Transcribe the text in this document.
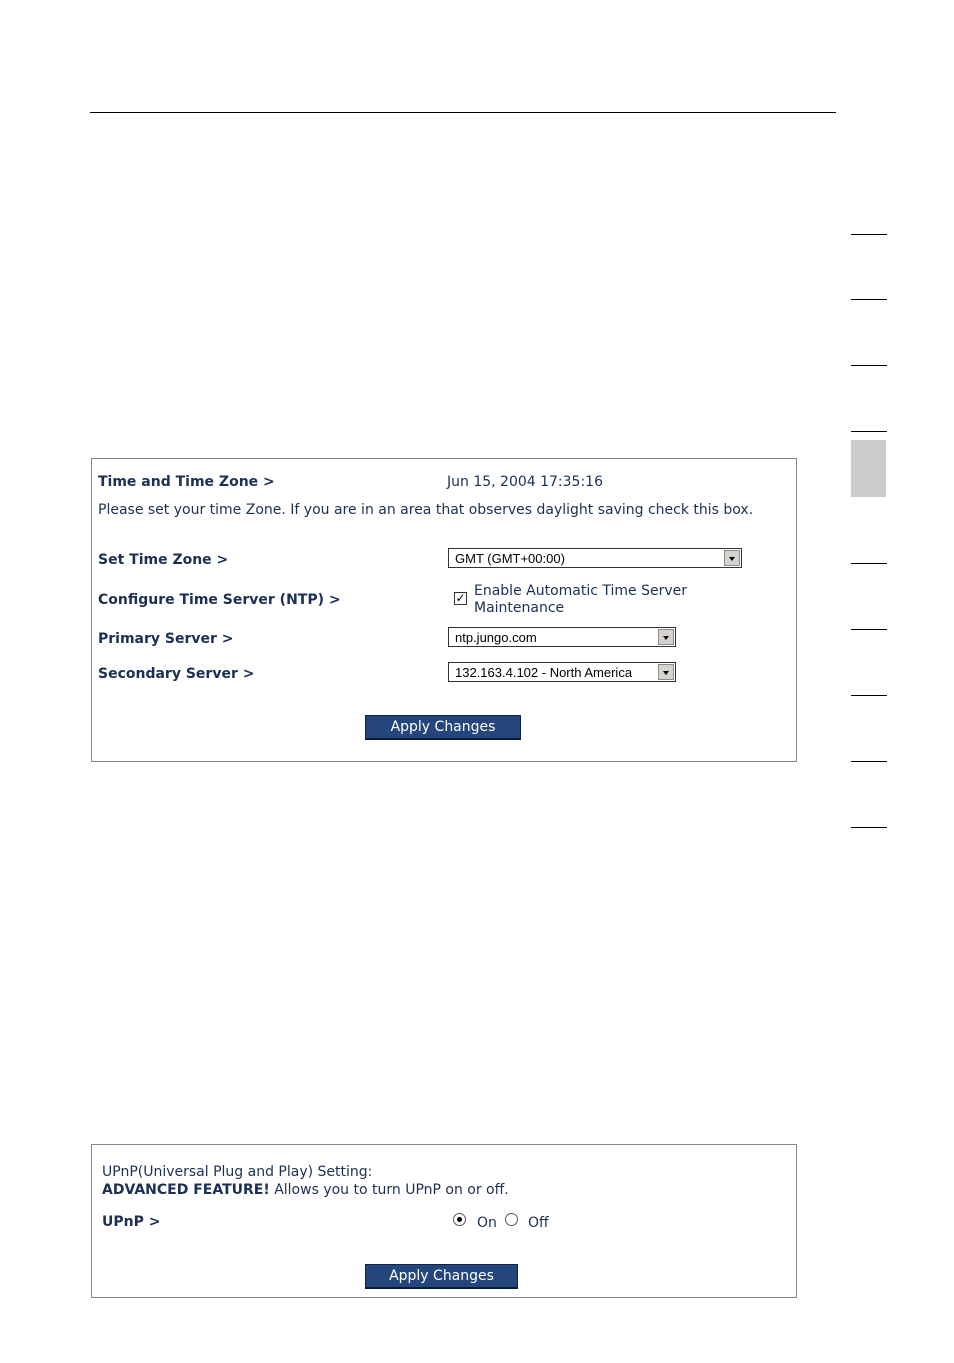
Time and Time Zone >	Jun 15, 2004 17:35:16
Please set your time Zone. If you are in an area that observes daylight saving check this box.
Set Time Zone >	GMT (GMT+00:00)
Configure Time Server (NTP) >	✓ Enable Automatic Time Server Maintenance
Primary Server >	ntp.jungo.com
Secondary Server >	132.163.4.102 - North America
Apply Changes
UPnP(Universal Plug and Play) Setting:
ADVANCED FEATURE! Allows you to turn UPnP on or off.
UPnP >	On Off
Apply Changes
